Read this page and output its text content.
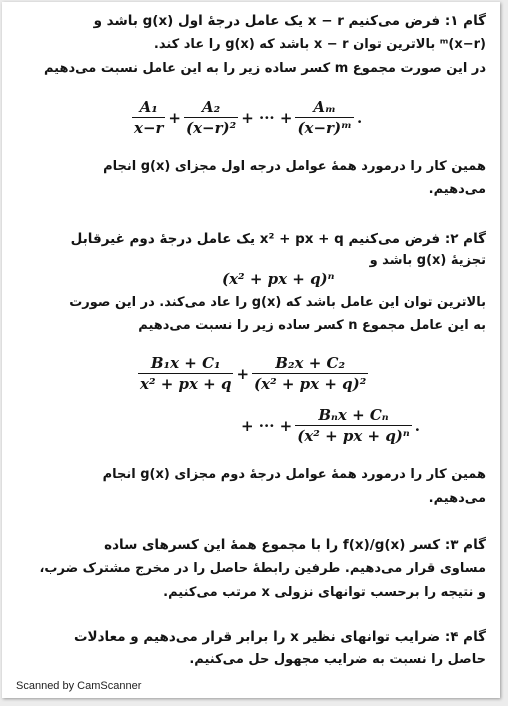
گام ۱: فرض می‌کنیم x − r یک عامل درجهٔ اول g(x) باشد و
(x−r)ᵐ بالاترین توان x − r باشد که g(x) را عاد کند.
در این صورت مجموع m کسر ساده زیر را به این عامل نسبت می‌دهیم
$\frac{\text{A₁}}{x-r} + \frac{\text{A₂}}{\text{(x−r)²}}$ + ··· + $\frac{\text{Aₘ}}{\text{(x−r)ᵐ}}$ .
همین کار را درمورد همهٔ عوامل درجه اول مجزای g(x) انجام
می‌دهیم.
گام ۲: فرض می‌کنیم x² + px + q یک عامل درجهٔ دوم غیرقابل
تجزیهٔ g(x) باشد و
(x² + px + q)ⁿ
بالاترین توان این عامل باشد که g(x) را عاد می‌کند. در این صورت
به این عامل مجموع n کسر ساده زیر را نسبت می‌دهیم
$\frac{\text{B₁x + C₁}}{\text{x² + px + q}} + \frac{\text{B₂x + C₂}}{\text{(x² + px + q)²}}$
+ ··· + $\frac{\text{Bₙx + Cₙ}}{\text{(x² + px + q)ⁿ}}$ .
همین کار را درمورد همهٔ عوامل درجهٔ دوم مجزای g(x) انجام
می‌دهیم.
گام ۳: کسر f(x)/g(x) را با مجموع همهٔ این کسرهای ساده
مساوی قرار می‌دهیم. طرفین رابطهٔ حاصل را در مخرج مشترک ضرب،
و نتیجه را برحسب توانهای نزولی x مرتب می‌کنیم.
گام ۴: ضرایب توانهای نظیر x را برابر قرار می‌دهیم و معادلات
حاصل را نسبت به ضرایب مجهول حل می‌کنیم.
Scanned by CamScanner
